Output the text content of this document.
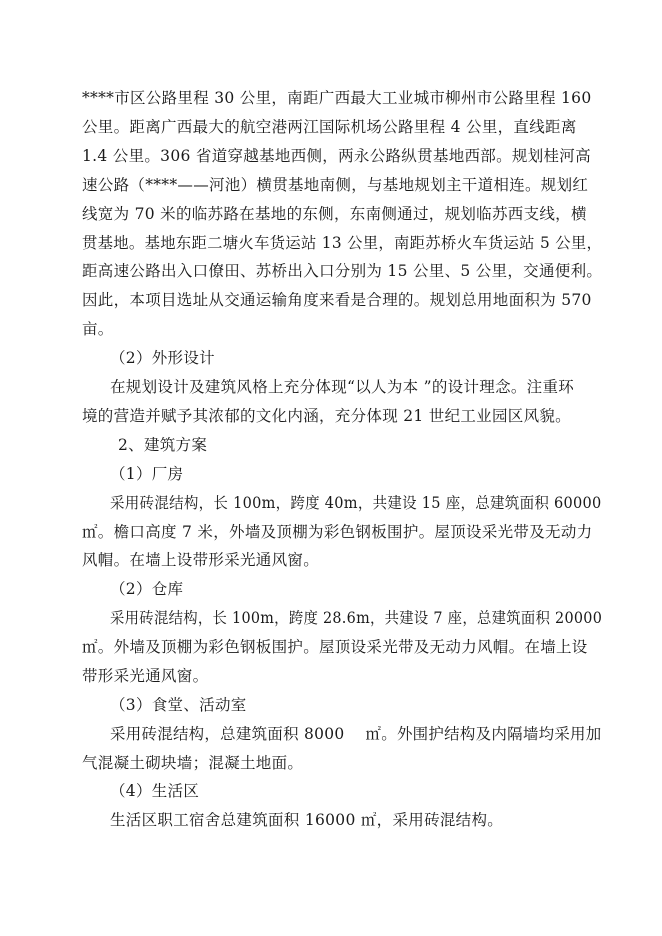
****市区公路里程 30 公里，南距广西最大工业城市柳州市公路里程 160
公里。距离广西最大的航空港两江国际机场公路里程 4 公里，直线距离
1.4 公里。306 省道穿越基地西侧，两永公路纵贯基地西部。规划桂河高
速公路（****——河池）横贯基地南侧，与基地规划主干道相连。规划红
线宽为 70 米的临苏路在基地的东侧，东南侧通过，规划临苏西支线，横
贯基地。基地东距二塘火车货运站 13 公里，南距苏桥火车货运站 5 公里，
距高速公路出入口僚田、苏桥出入口分别为 15 公里、5 公里，交通便利。
因此，本项目选址从交通运输角度来看是合理的。规划总用地面积为 570
亩。
（2）外形设计
在规划设计及建筑风格上充分体现“以人为本 ”的设计理念。注重环
境的营造并赋予其浓郁的文化内涵，充分体现 21 世纪工业园区风貌。
2、建筑方案
（1）厂房
采用砖混结构，长 100m，跨度 40m，共建设 15 座，总建筑面积 60000
㎡。檐口高度 7 米，外墙及顶棚为彩色钢板围护。屋顶设采光带及无动力
风帽。在墙上设带形采光通风窗。
（2）仓库
采用砖混结构，长 100m，跨度 28.6m，共建设 7 座，总建筑面积 20000
㎡。外墙及顶棚为彩色钢板围护。屋顶设采光带及无动力风帽。在墙上设
带形采光通风窗。
（3）食堂、活动室
采用砖混结构，总建筑面积 8000　 ㎡。外围护结构及内隔墙均采用加
气混凝土砌块墙；混凝土地面。
（4）生活区
生活区职工宿舍总建筑面积 16000 ㎡，采用砖混结构。
